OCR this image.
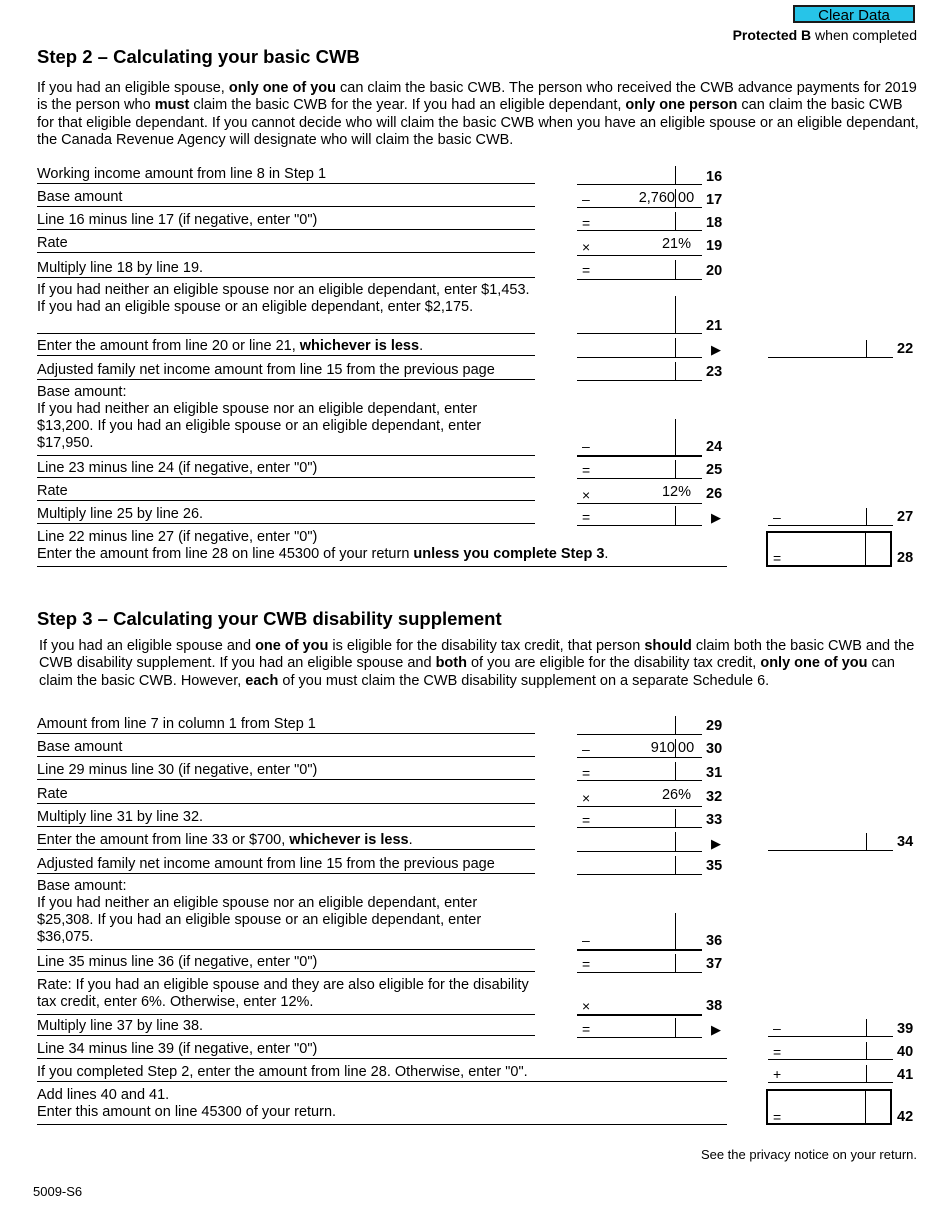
Clear Data
Protected B when completed
Step 2 – Calculating your basic CWB
If you had an eligible spouse, only one of you can claim the basic CWB. The person who received the CWB advance payments for 2019 is the person who must claim the basic CWB for the year. If you had an eligible dependant, only one person can claim the basic CWB for that eligible dependant. If you cannot decide who will claim the basic CWB when you have an eligible spouse or an eligible dependant, the Canada Revenue Agency will designate who will claim the basic CWB.
Working income amount from line 8 in Step 1	16
Base amount	–	2,760 00 17
Line 16 minus line 17 (if negative, enter "0")	=	18
Rate	×	21% 19
Multiply line 18 by line 19.	=	20
If you had neither an eligible spouse nor an eligible dependant, enter $1,453. If you had an eligible spouse or an eligible dependant, enter $2,175.
21
Enter the amount from line 20 or line 21, whichever is less.	▶	22
Adjusted family net income amount from line 15 from the previous page	23
Base amount:
If you had neither an eligible spouse nor an eligible dependant, enter $13,200. If you had an eligible spouse or an eligible dependant, enter $17,950.	–	24
Line 23 minus line 24 (if negative, enter "0")	=	25
Rate	×	12% 26
Multiply line 25 by line 26.	=	▶	–	27
Line 22 minus line 27 (if negative, enter "0")
Enter the amount from line 28 on line 45300 of your return unless you complete Step 3.	=	28
Step 3 – Calculating your CWB disability supplement
If you had an eligible spouse and one of you is eligible for the disability tax credit, that person should claim both the basic CWB and the CWB disability supplement. If you had an eligible spouse and both of you are eligible for the disability tax credit, only one of you can claim the basic CWB. However, each of you must claim the CWB disability supplement on a separate Schedule 6.
Amount from line 7 in column 1 from Step 1	29
Base amount	–	910 00 30
Line 29 minus line 30 (if negative, enter "0")	=	31
Rate	×	26% 32
Multiply line 31 by line 32.	=	33
Enter the amount from line 33 or $700, whichever is less.	▶	34
Adjusted family net income amount from line 15 from the previous page	35
Base amount:
If you had neither an eligible spouse nor an eligible dependant, enter $25,308. If you had an eligible spouse or an eligible dependant, enter $36,075.	–	36
Line 35 minus line 36 (if negative, enter "0")	=	37
Rate: If you had an eligible spouse and they are also eligible for the disability tax credit, enter 6%. Otherwise, enter 12%.	×	38
Multiply line 37 by line 38.	=	▶	–	39
Line 34 minus line 39 (if negative, enter "0")	=	40
If you completed Step 2, enter the amount from line 28. Otherwise, enter "0".	+	41
Add lines 40 and 41.
Enter this amount on line 45300 of your return.	=	42
See the privacy notice on your return.
5009-S6
